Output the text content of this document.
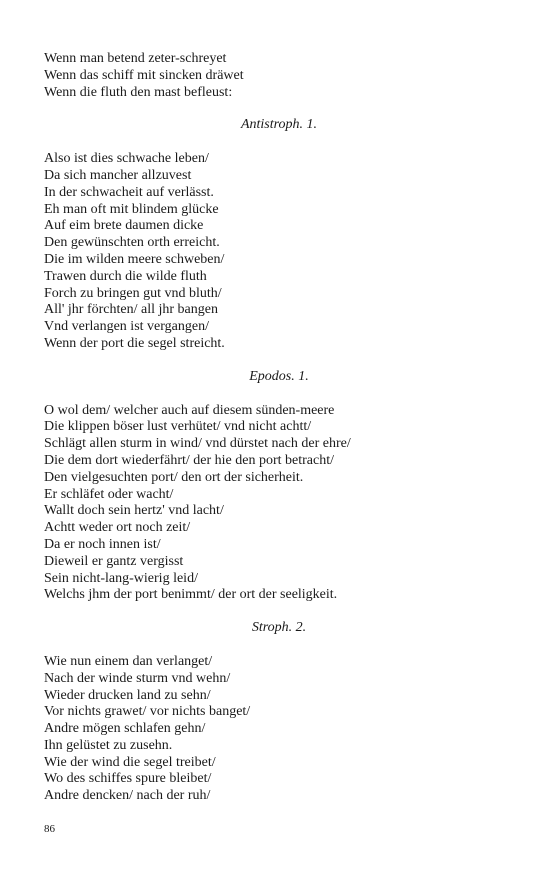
Wenn man betend zeter-schreyet
Wenn das schiff mit sincken dräwet
Wenn die fluth den mast befleust:
Antistroph. 1.
Also ist dies schwache leben/
Da sich mancher allzuvest
In der schwacheit auf verlässt.
Eh man oft mit blindem glücke
Auf eim brete daumen dicke
Den gewünschten orth erreicht.
Die im wilden meere schweben/
Trawen durch die wilde fluth
Forch zu bringen gut vnd bluth/
All' jhr förchten/ all jhr bangen
Vnd verlangen ist vergangen/
Wenn der port die segel streicht.
Epodos. 1.
O wol dem/ welcher auch auf diesem sünden-meere
Die klippen böser lust verhütet/ vnd nicht achtt/
Schlägt allen sturm in wind/ vnd dürstet nach der ehre/
Die dem dort wiederfährt/ der hie den port betracht/
Den vielgesuchten port/ den ort der sicherheit.
Er schläfet oder wacht/
Wallt doch sein hertz' vnd lacht/
Achtt weder ort noch zeit/
Da er noch innen ist/
Dieweil er gantz vergisst
Sein nicht-lang-wierig leid/
Welchs jhm der port benimmt/ der ort der seeligkeit.
Stroph. 2.
Wie nun einem dan verlanget/
Nach der winde sturm vnd wehn/
Wieder drucken land zu sehn/
Vor nichts grawet/ vor nichts banget/
Andre mögen schlafen gehn/
Ihn gelüstet zu zusehn.
Wie der wind die segel treibet/
Wo des schiffes spure bleibet/
Andre dencken/ nach der ruh/
86
